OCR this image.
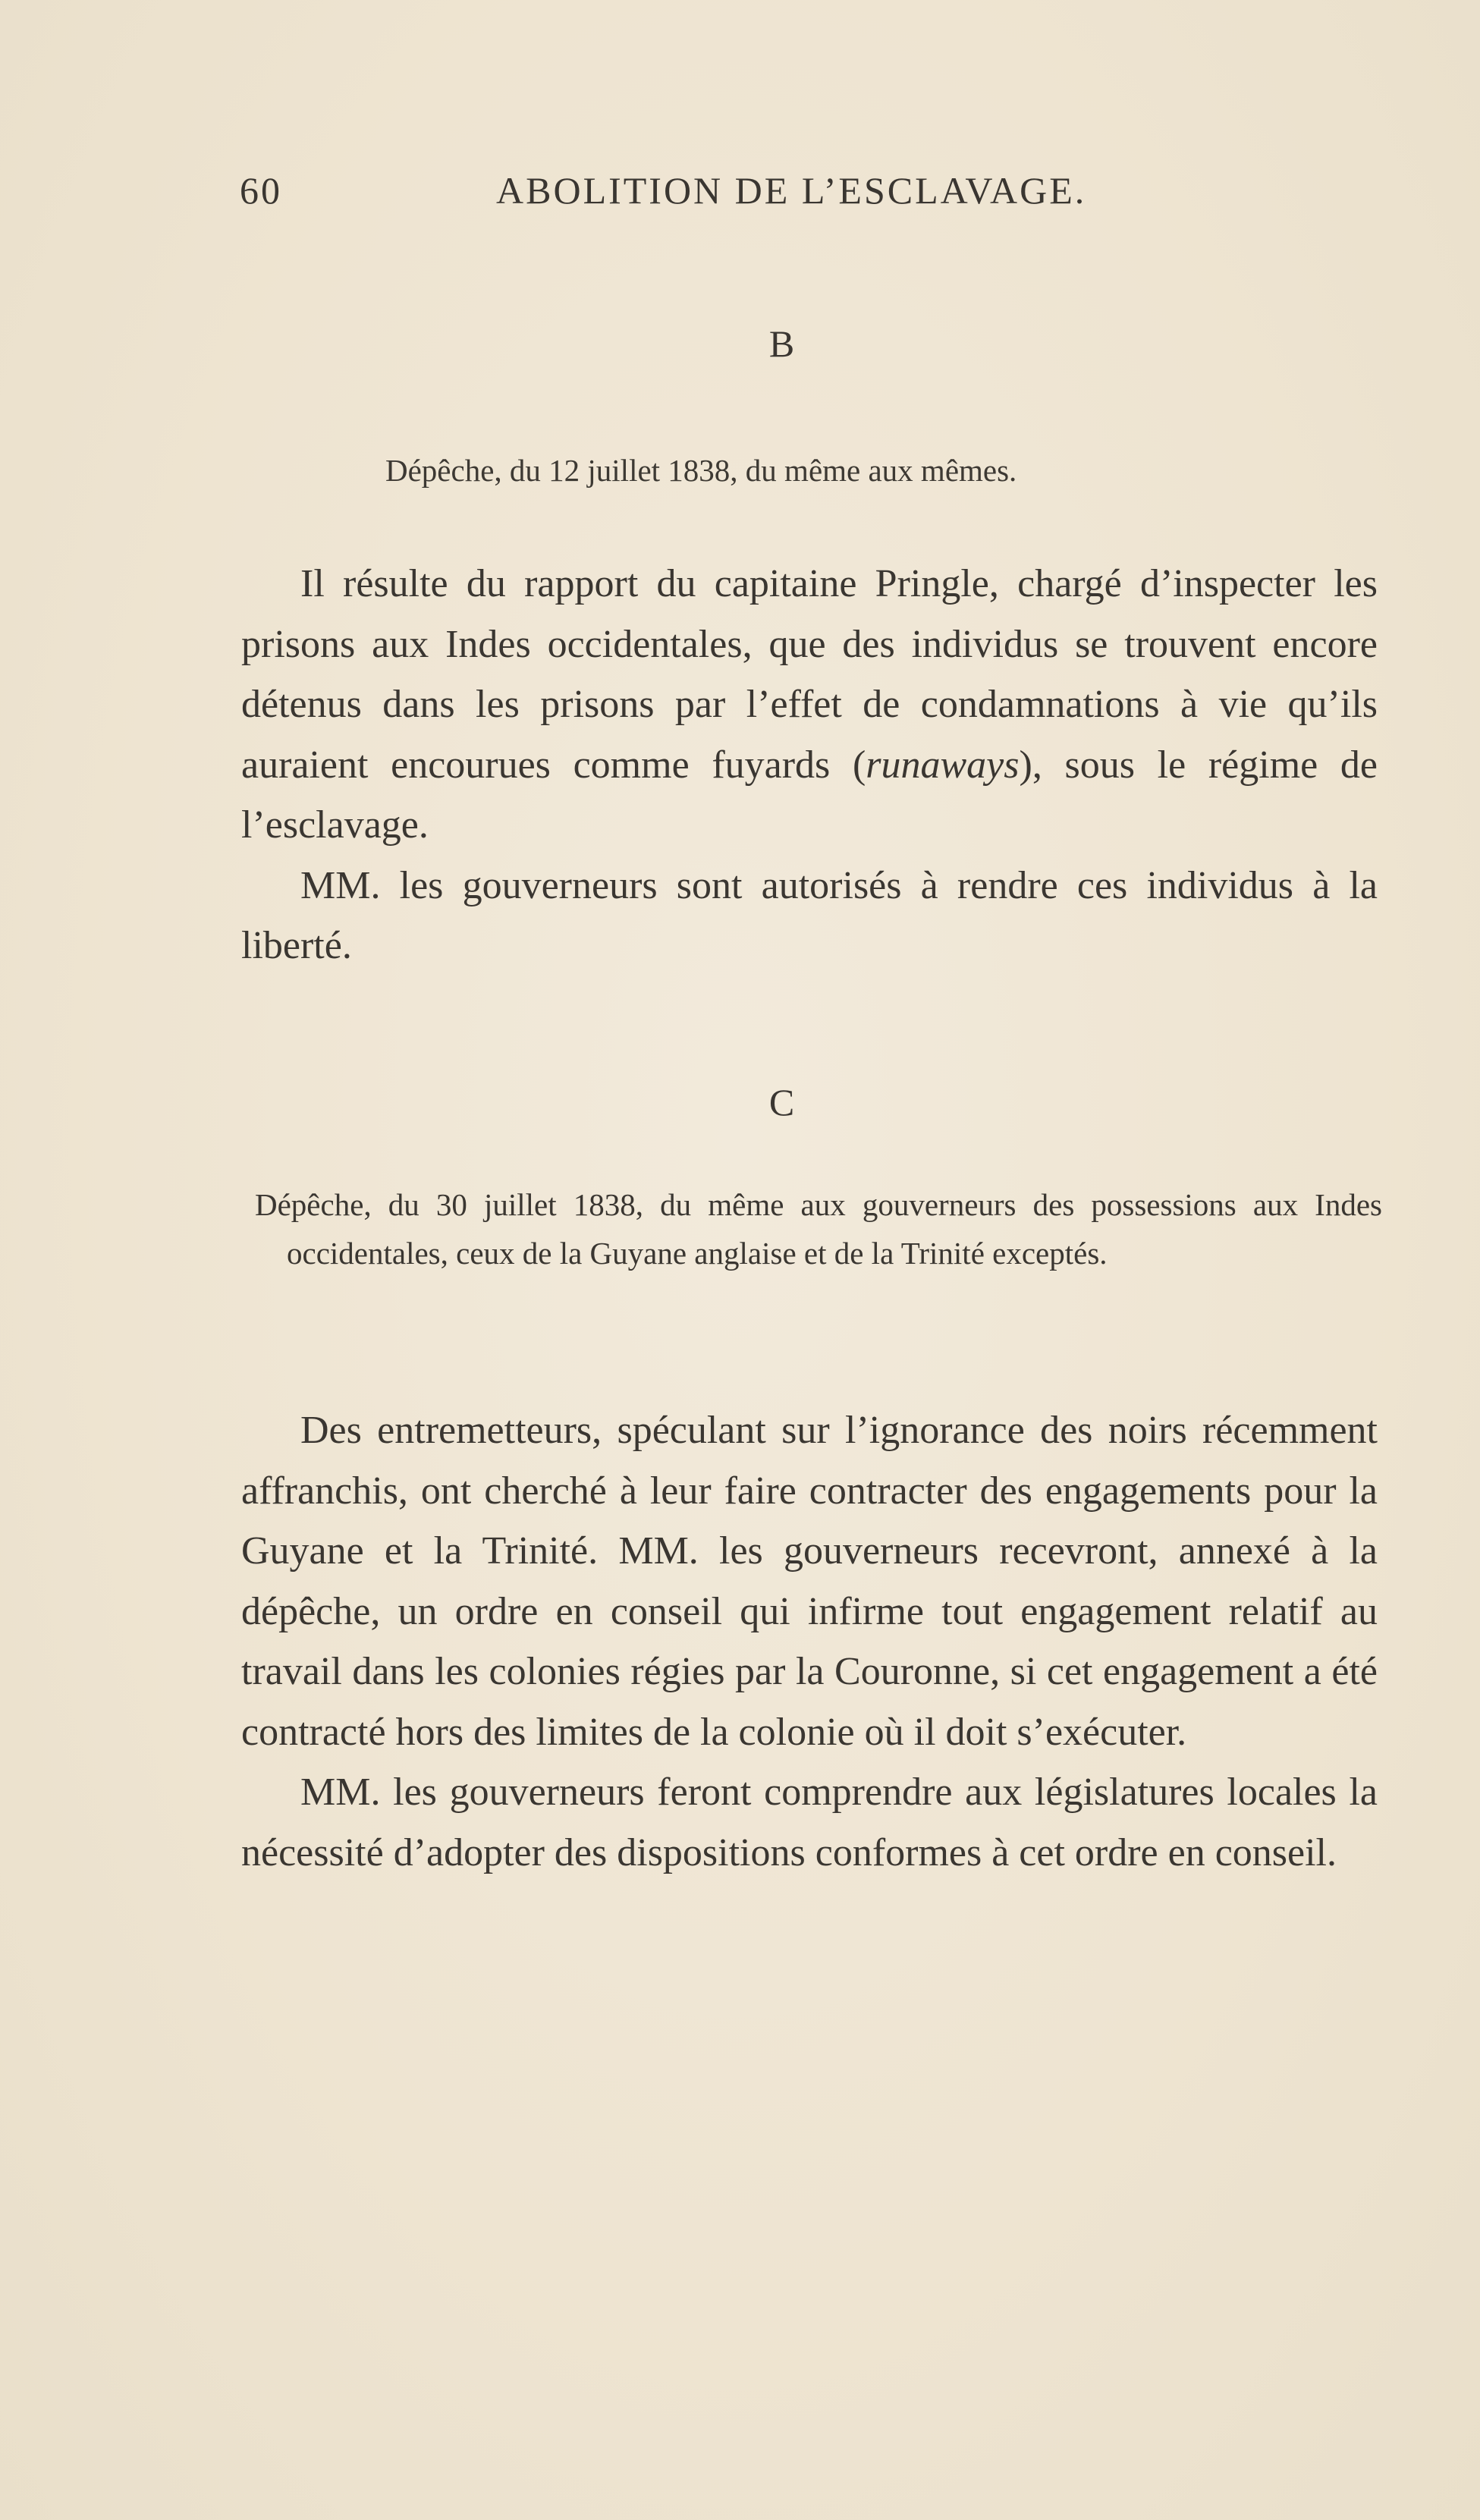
60	ABOLITION DE L’ESCLAVAGE.
B
Dépêche, du 12 juillet 1838, du même aux mêmes.

Il résulte du rapport du capitaine Pringle, chargé d’inspecter les prisons aux Indes occidentales, que des individus se trouvent encore détenus dans les prisons par l’effet de condamnations à vie qu’ils auraient encourues comme fuyards (runaways), sous le régime de l’esclavage.

MM. les gouverneurs sont autorisés à rendre ces individus à la liberté.

C
Dépêche, du 30 juillet 1838, du même aux gouverneurs des possessions aux Indes occidentales, ceux de la Guyane anglaise et de la Trinité exceptés.

Des entremetteurs, spéculant sur l’ignorance des noirs récemment affranchis, ont cherché à leur faire contracter des engagements pour la Guyane et la Trinité. MM. les gouverneurs recevront, annexé à la dépêche, un ordre en conseil qui infirme tout engagement relatif au travail dans les colonies régies par la Couronne, si cet engagement a été contracté hors des limites de la colonie où il doit s’exécuter.

MM. les gouverneurs feront comprendre aux législatures locales la nécessité d’adopter des dispositions conformes à cet ordre en conseil.
